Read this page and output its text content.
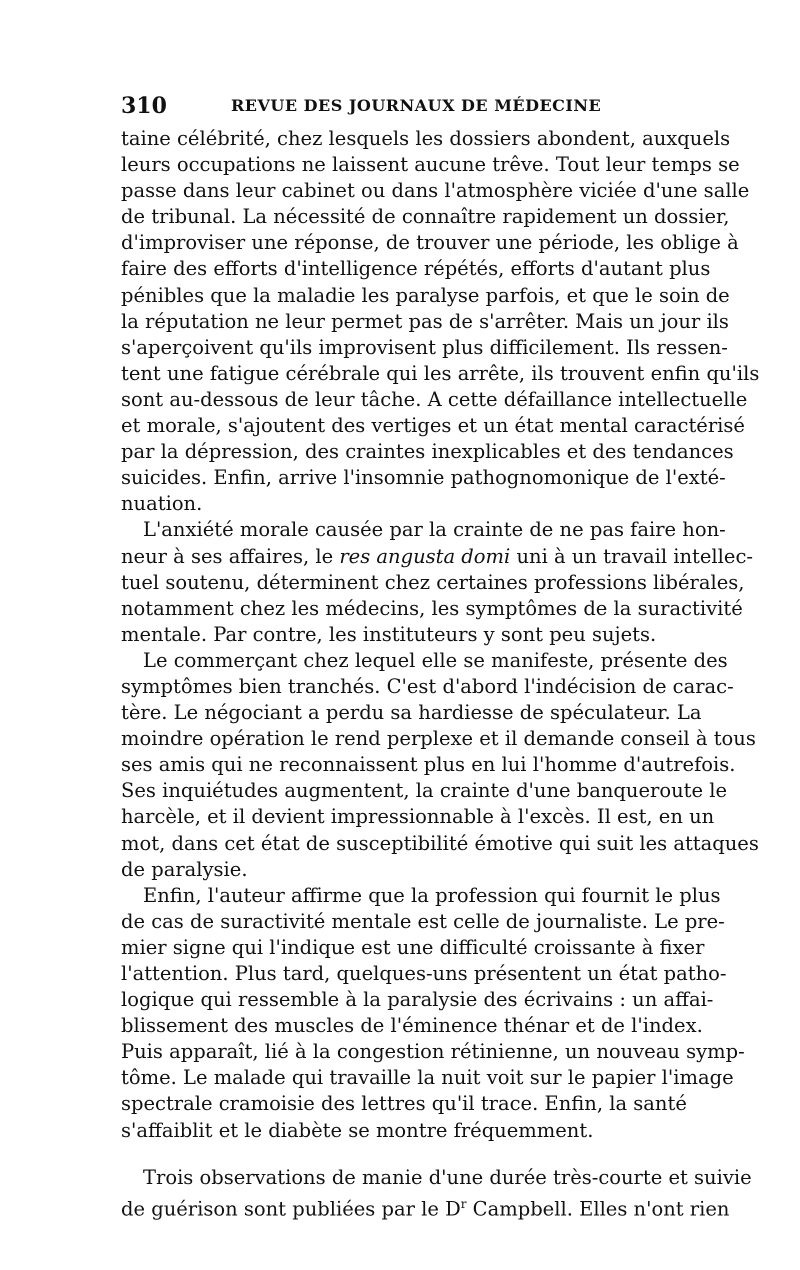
310	REVUE DES JOURNAUX DE MÉDECINE
taine célébrité, chez lesquels les dossiers abondent, auxquels
leurs occupations ne laissent aucune trêve. Tout leur temps se
passe dans leur cabinet ou dans l'atmosphère viciée d'une salle
de tribunal. La nécessité de connaître rapidement un dossier,
d'improviser une réponse, de trouver une période, les oblige à
faire des efforts d'intelligence répétés, efforts d'autant plus
pénibles que la maladie les paralyse parfois, et que le soin de
la réputation ne leur permet pas de s'arrêter. Mais un jour ils
s'aperçoivent qu'ils improvisent plus difficilement. Ils ressen-
tent une fatigue cérébrale qui les arrête, ils trouvent enfin qu'ils
sont au-dessous de leur tâche. A cette défaillance intellectuelle
et morale, s'ajoutent des vertiges et un état mental caractérisé
par la dépression, des craintes inexplicables et des tendances
suicides. Enfin, arrive l'insomnie pathognomonique de l'exté-
nuation.
L'anxiété morale causée par la crainte de ne pas faire hon-
neur à ses affaires, le res angusta domi uni à un travail intellec-
tuel soutenu, déterminent chez certaines professions libérales,
notamment chez les médecins, les symptômes de la suractivité
mentale. Par contre, les instituteurs y sont peu sujets.
Le commerçant chez lequel elle se manifeste, présente des
symptômes bien tranchés. C'est d'abord l'indécision de carac-
tère. Le négociant a perdu sa hardiesse de spéculateur. La
moindre opération le rend perplexe et il demande conseil à tous
ses amis qui ne reconnaissent plus en lui l'homme d'autrefois.
Ses inquiétudes augmentent, la crainte d'une banqueroute le
harcèle, et il devient impressionnable à l'excès. Il est, en un
mot, dans cet état de susceptibilité émotive qui suit les attaques
de paralysie.
Enfin, l'auteur affirme que la profession qui fournit le plus
de cas de suractivité mentale est celle de journaliste. Le pre-
mier signe qui l'indique est une difficulté croissante à fixer
l'attention. Plus tard, quelques-uns présentent un état patho-
logique qui ressemble à la paralysie des écrivains : un affai-
blissement des muscles de l'éminence thénar et de l'index.
Puis apparaît, lié à la congestion rétinienne, un nouveau symp-
tôme. Le malade qui travaille la nuit voit sur le papier l'image
spectrale cramoisie des lettres qu'il trace. Enfin, la santé
s'affaiblit et le diabète se montre fréquemment.
Trois observations de manie d'une durée très-courte et suivie
de guérison sont publiées par le $D^r$ Campbell. Elles n'ont rien
